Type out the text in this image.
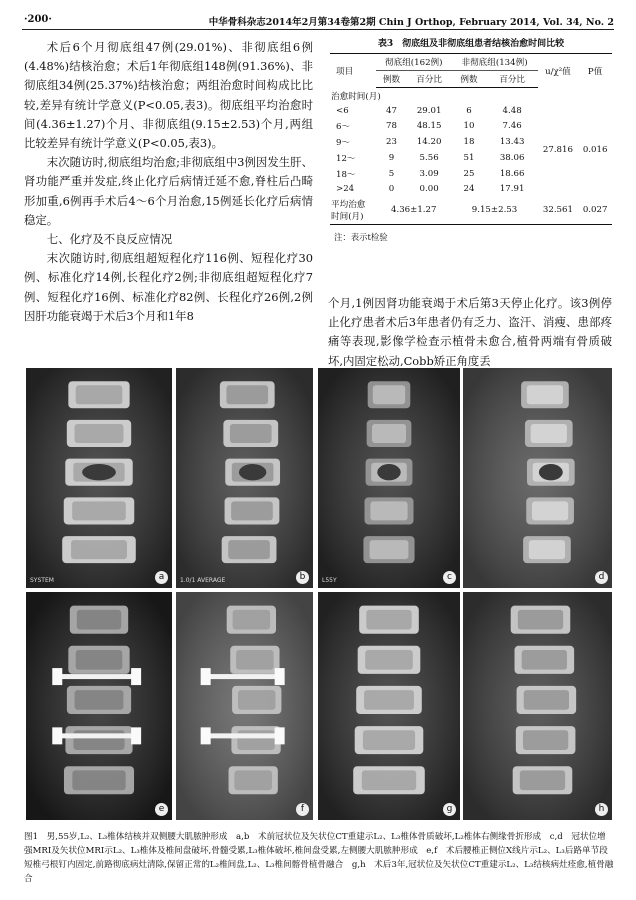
·200·	中华骨科杂志2014年2月第34卷第2期 Chin J Orthop, February 2014, Vol. 34, No. 2

术后6个月彻底组47例(29.01%)、非彻底组6例(4.48%)结核治愈；术后1年彻底组148例(91.36%)、非彻底组34例(25.37%)结核治愈；两组治愈时间构成比比较,差异有统计学意义(P<0.05,表3)。彻底组平均治愈时间(4.36±1.27)个月、非彻底组(9.15±2.53)个月,两组比较差异有统计学意义(P<0.05,表3)。

末次随访时,彻底组均治愈;非彻底组中3例因发生肝、肾功能严重并发症,终止化疗后病情迁延不愈,脊柱后凸畸形加重,6例再手术后4～6个月治愈,15例延长化疗后病情稳定。

七、化疗及不良反应情况

末次随访时,彻底组超短程化疗116例、短程化疗30例、标准化疗14例,长程化疗2例;非彻底组超短程化疗7例、短程化疗16例、标准化疗82例、长程化疗26例,2例因肝功能衰竭于术后3个月和1年8

表3　彻底组及非彻底组患者结核治愈时间比较
项目	彻底组(162例)		非彻底组(134例)		u/χ²值	P值
	例数	百分比	例数	百分比		
治愈时间(月)						
<6	47	29.01	6	4.48	27.816	0.016
6～	78	48.15	10	7.46		
9～	23	14.20	18	13.43		
12～	9	5.56	51	38.06		
18～	5	3.09	25	18.66		
>24	0	0.00	24	17.91		
平均治愈
时间(月)	4.36±1.27		9.15±2.53		32.561	0.027
注：表示t检验

个月,1例因肾功能衰竭于术后第3天停止化疗。该3例停止化疗患者术后3年患者仍有乏力、盗汗、消瘦、患部疼痛等表现,影像学检查示植骨未愈合,植骨两端有骨质破坏,内固定松动,Cobb矫正角度丢

SYSTEM	a	1.0/1 AVERAGE	b	L55Y	c	d
e	f	g	h
图1　男,55岁,L₂、L₃椎体结核并双侧腰大肌脓肿形成　a,b　术前冠状位及矢状位CT重建示L₂、L₃椎体骨质破坏,L₂椎体右侧缘骨折形成　c,d　冠状位增强MRI及矢状位MRI示L₂、L₃椎体及椎间盘破坏,骨髓受累,L₃椎体破坏,椎间盘受累,左侧腰大肌脓肿形成　e,f　术后腰椎正侧位X线片示L₂、L₃后路单节段短椎弓根钉内固定,前路彻底病灶清除,保留正常的L₂椎间盘,L₂、L₃椎间髂骨植骨融合　g,h　术后3年,冠状位及矢状位CT重建示L₂、L₃结核病灶痊愈,植骨融合
